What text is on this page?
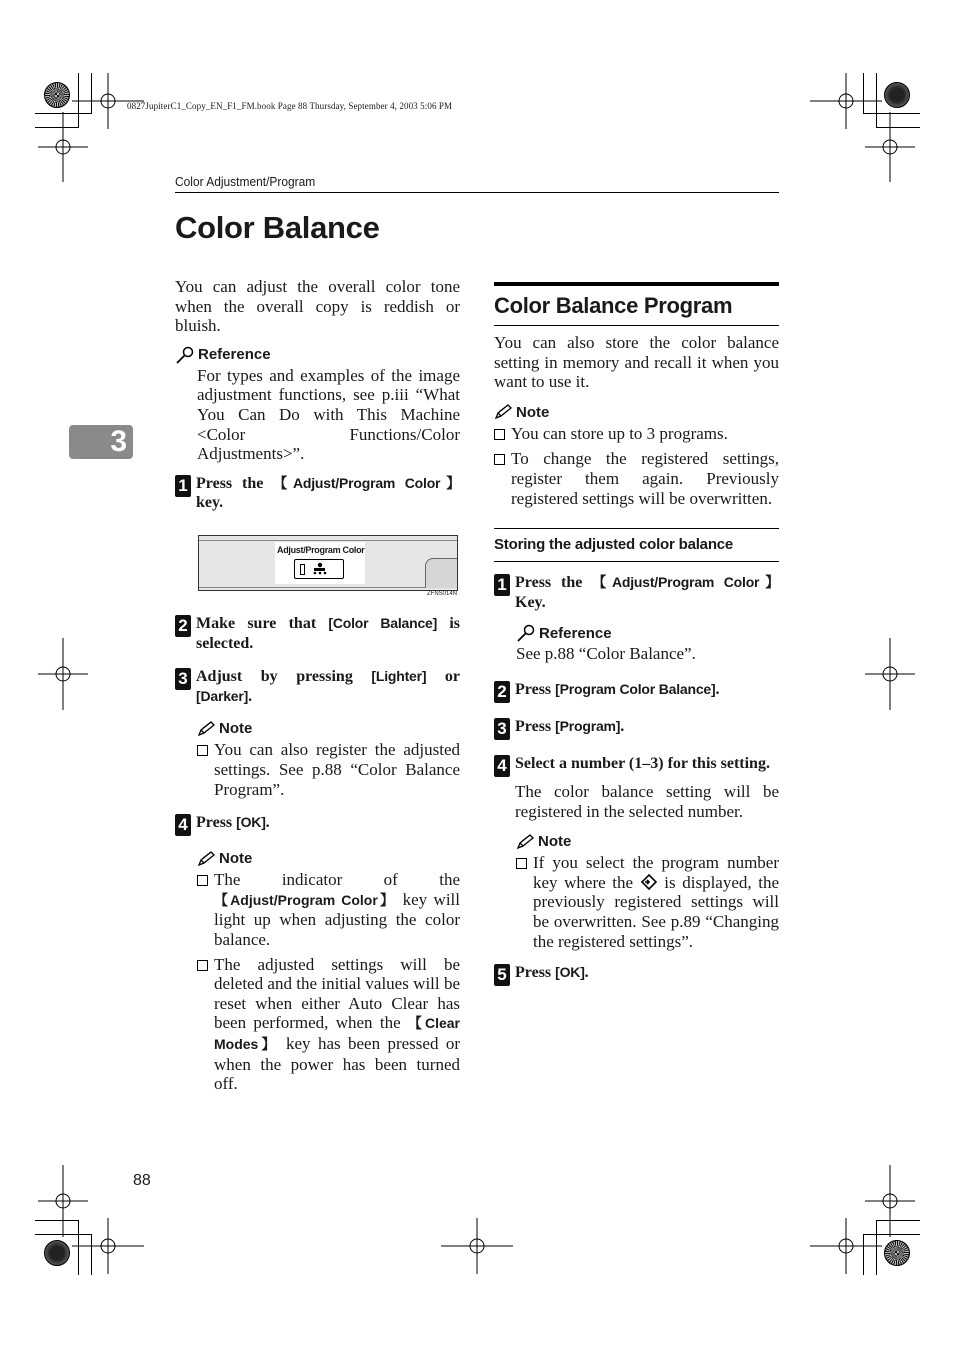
0827JupiterC1_Copy_EN_F1_FM.book Page 88 Thursday, September 4, 2003 5:06 PM
Color Adjustment/Program
Color Balance
3

You can adjust the overall color tone when the overall copy is reddish or bluish.

Reference

For types and examples of the image adjustment functions, see p.iii “What You Can Do with This Machine <Color Functions/Color Adjustments>”.

1 Press the 【Adjust/Program Color】 key.

Adjust/Program Color
ZFNS014N
2 Make sure that [Color Balance] is selected.

3 Adjust by pressing [Lighter] or [Darker].

Note

You can also register the adjusted settings. See p.88 “Color Balance Program”.

4 Press [OK].

Note

The indicator of the 【Adjust/Program Color】 key will light up when adjusting the color balance.

The adjusted settings will be deleted and the initial values will be reset when either Auto Clear has been performed, when the 【Clear Modes】 key has been pressed or when the power has been turned off.

Color Balance Program

You can also store the color balance setting in memory and recall it when you want to use it.

Note

You can store up to 3 programs.

To change the registered settings, register them again. Previously registered settings will be overwritten.

Storing the adjusted color balance
1 Press the 【Adjust/Program Color】 Key.

Reference

See p.88 “Color Balance”.

2 Press [Program Color Balance].

3 Press [Program].

4 Select a number (1–3) for this setting.

The color balance setting will be registered in the selected number.

Note

If you select the program number key where the  is displayed, the previously registered settings will be overwritten. See p.89 “Changing the registered settings”.

5 Press [OK].

88
